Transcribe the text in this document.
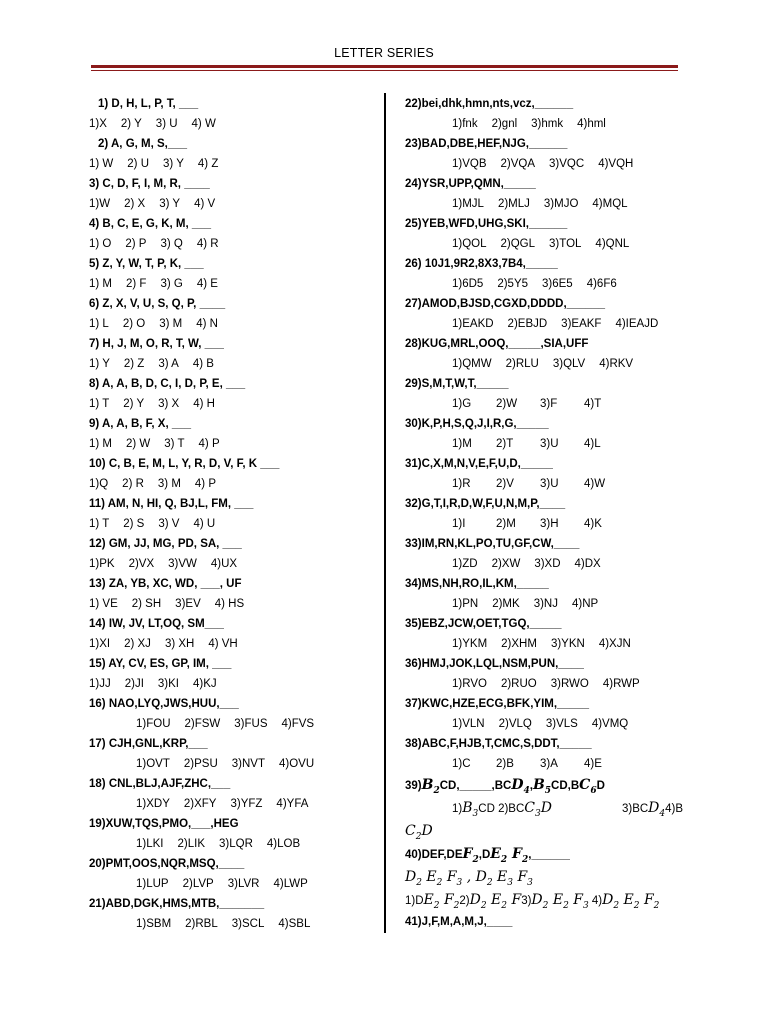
LETTER SERIES
1) D, H, L, P, T, ___
1)X 2) Y 3) U 4) W
2) A, G, M, S,___
1) W 2) U 3) Y 4) Z
3) C, D, F, I, M, R, ____
1)W 2) X 3) Y 4) V
4) B, C, E, G, K, M, ___
1) O 2) P 3) Q 4) R
5) Z, Y, W, T, P, K, ___
1) M 2) F 3) G 4) E
6) Z, X, V, U, S, Q, P, ____
1) L 2) O 3) M 4) N
7) H, J, M, O, R, T, W, ___
1) Y 2) Z 3) A 4) B
8) A, A, B, D, C, I, D, P, E, ___
1) T 2) Y 3) X 4) H
9) A, A, B, F, X, ___
1) M 2) W 3) T 4) P
10) C, B, E, M, L, Y, R, D, V, F, K ___
1)Q 2) R 3) M 4) P
11) AM, N, HI, Q, BJ,L, FM, ___
1) T 2) S 3) V 4) U
12) GM, JJ, MG, PD, SA, ___
1)PK 2)VX 3)VW 4)UX
13) ZA, YB, XC, WD, ___, UF
1) VE 2) SH 3)EV 4) HS
14) IW, JV, LT,OQ, SM___
1)XI 2) XJ 3) XH 4) VH
15) AY, CV, ES, GP, IM, ___
1)JJ 2)JI 3)KI 4)KJ
16) NAO,LYQ,JWS,HUU,___
1)FOU 2)FSW 3)FUS 4)FVS
17) CJH,GNL,KRP,___
1)OVT 2)PSU 3)NVT 4)OVU
18) CNL,BLJ,AJF,ZHC,___
1)XDY 2)XFY 3)YFZ 4)YFA
19)XUW,TQS,PMO,___,HEG
1)LKI 2)LIK 3)LQR 4)LOB
20)PMT,OOS,NQR,MSQ,____
1)LUP 2)LVP 3)LVR 4)LWP
21)ABD,DGK,HMS,MTB,_______
1)SBM 2)RBL 3)SCL 4)SBL
22)bei,dhk,hmn,nts,vcz,______
1)fnk 2)gnl 3)hmk 4)hml
23)BAD,DBE,HEF,NJG,______
1)VQB 2)VQA 3)VQC 4)VQH
24)YSR,UPP,QMN,_____
1)MJL 2)MLJ 3)MJO 4)MQL
25)YEB,WFD,UHG,SKI,______
1)QOL 2)QGL 3)TOL 4)QNL
26) 10J1,9R2,8X3,7B4,_____
1)6D5 2)5Y5 3)6E5 4)6F6
27)AMOD,BJSD,CGXD,DDDD,______
1)EAKD 2)EBJD 3)EAKF 4)IEAJD
28)KUG,MRL,OOQ,_____,SIA,UFF
1)QMW 2)RLU 3)QLV 4)RKV
29)S,M,T,W,T,_____
1)G 2)W 3)F 4)T
30)K,P,H,S,Q,J,I,R,G,_____
1)M 2)T 3)U 4)L
31)C,X,M,N,V,E,F,U,D,_____
1)R 2)V 3)U 4)W
32)G,T,I,R,D,W,F,U,N,M,P,____
1)I	2)M 3)H 4)K
33)IM,RN,KL,PO,TU,GF,CW,____
1)ZD 2)XW 3)XD 4)DX
34)MS,NH,RO,IL,KM,_____
1)PN 2)MK 3)NJ 4)NP
35)EBZ,JCW,OET,TGQ,_____
1)YKM 2)XHM 3)YKN 4)XJN
36)HMJ,JOK,LQL,NSM,PUN,____
1)RVO 2)RUO 3)RWO 4)RWP
37)KWC,HZE,ECG,BFK,YIM,_____
1)VLN 2)VLQ 3)VLS 4)VMQ
38)ABC,F,HJB,T,CMC,S,DDT,_____
1)C 2)B 3)A 4)E
$39)B_2CD,\_\_\_\_\_,BCD_4,B_5CD,BC_6D$
$1)B_3CD$ $2)BCC_3D$	$3)BCD_44)B$
$C_2D$
$40)DEF,DEF_2,DE_2$ $F_2,\_\_\_\_\_\_$
$D_2$ $E_2$ $F_3$ , $D_2$ $E_3$ $F_3$
$1)DE_2$ $F_22)D_2$ $E_2$ $F3)D_2$ $E_2$ $F_3$ $4)D_2$ $E_2$ $F_2$
41)J,F,M,A,M,J,____
